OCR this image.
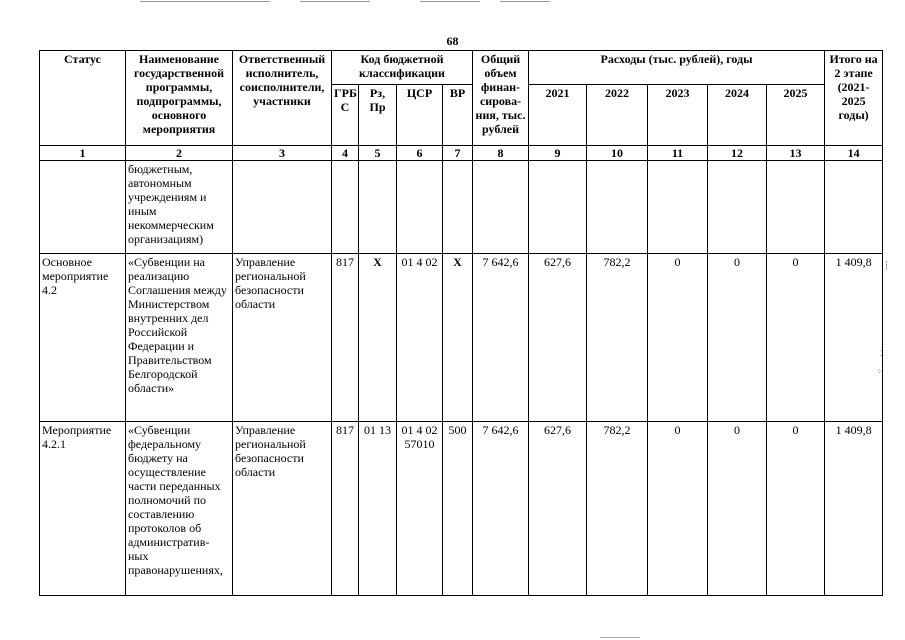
68
Статус	Наименование государственной программы, подпрограммы, основного мероприятия	Ответственный исполнитель, соисполнители, участники	Код бюджетной классификации				Общий объем финан- сирова- ния, тыс. рублей	Расходы (тыс. рублей), годы					Итого на 2 этапе (2021- 2025 годы)
			ГРБ С	Рз, Пр	ЦСР	ВР		2021	2022	2023	2024	2025	
1	2	3	4	5	6	7	8	9	10	11	12	13	14
	бюджетным, автономным учреждениям и иным некоммерческим организациям)												
Основное мероприятие 4.2	«Субвенции на реализацию Соглашения между Министерством внутренних дел Российской Федерации и Правительством Белгородской области»	Управление региональной безопасности области	817	Х	01 4 02	Х	7 642,6	627,6	782,2	0	0	0	1 409,8
Мероприятие 4.2.1	«Субвенции федеральному бюджету на осуществление части переданных полномочий по составлению протоколов об административ- ных правонарушениях,	Управление региональной безопасности области	817	01 13	01 4 02 57010	500	7 642,6	627,6	782,2	0	0	0	1 409,8
┆
⁚
⁘
